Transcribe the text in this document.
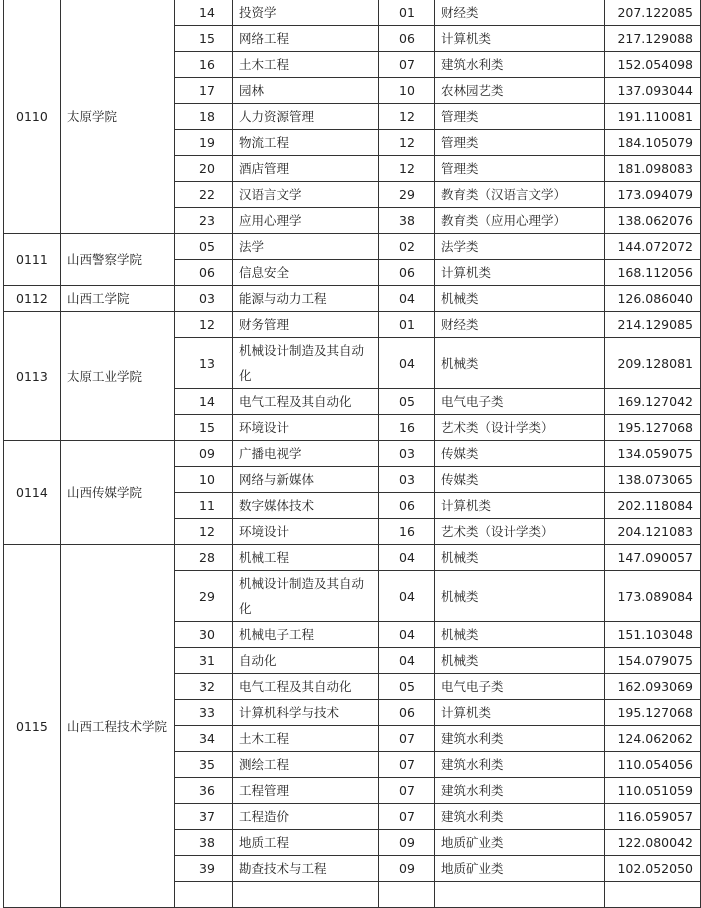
0110	太原学院	14	投资学	01	财经类	207.122085
		15	网络工程	06	计算机类	217.129088
		16	土木工程	07	建筑水利类	152.054098
		17	园林	10	农林园艺类	137.093044
		18	人力资源管理	12	管理类	191.110081
		19	物流工程	12	管理类	184.105079
		20	酒店管理	12	管理类	181.098083
		22	汉语言文学	29	教育类（汉语言文学）	173.094079
		23	应用心理学	38	教育类（应用心理学）	138.062076
0111	山西警察学院	05	法学	02	法学类	144.072072
		06	信息安全	06	计算机类	168.112056
0112	山西工学院	03	能源与动力工程	04	机械类	126.086040
0113	太原工业学院	12	财务管理	01	财经类	214.129085
		13	机械设计制造及其自动化	04	机械类	209.128081
		14	电气工程及其自动化	05	电气电子类	169.127042
		15	环境设计	16	艺术类（设计学类）	195.127068
0114	山西传媒学院	09	广播电视学	03	传媒类	134.059075
		10	网络与新媒体	03	传媒类	138.073065
		11	数字媒体技术	06	计算机类	202.118084
		12	环境设计	16	艺术类（设计学类）	204.121083
0115	山西工程技术学院	28	机械工程	04	机械类	147.090057
		29	机械设计制造及其自动化	04	机械类	173.089084
		30	机械电子工程	04	机械类	151.103048
		31	自动化	04	机械类	154.079075
		32	电气工程及其自动化	05	电气电子类	162.093069
		33	计算机科学与技术	06	计算机类	195.127068
		34	土木工程	07	建筑水利类	124.062062
		35	测绘工程	07	建筑水利类	110.054056
		36	工程管理	07	建筑水利类	110.051059
		37	工程造价	07	建筑水利类	116.059057
		38	地质工程	09	地质矿业类	122.080042
		39	勘查技术与工程	09	地质矿业类	102.052050
